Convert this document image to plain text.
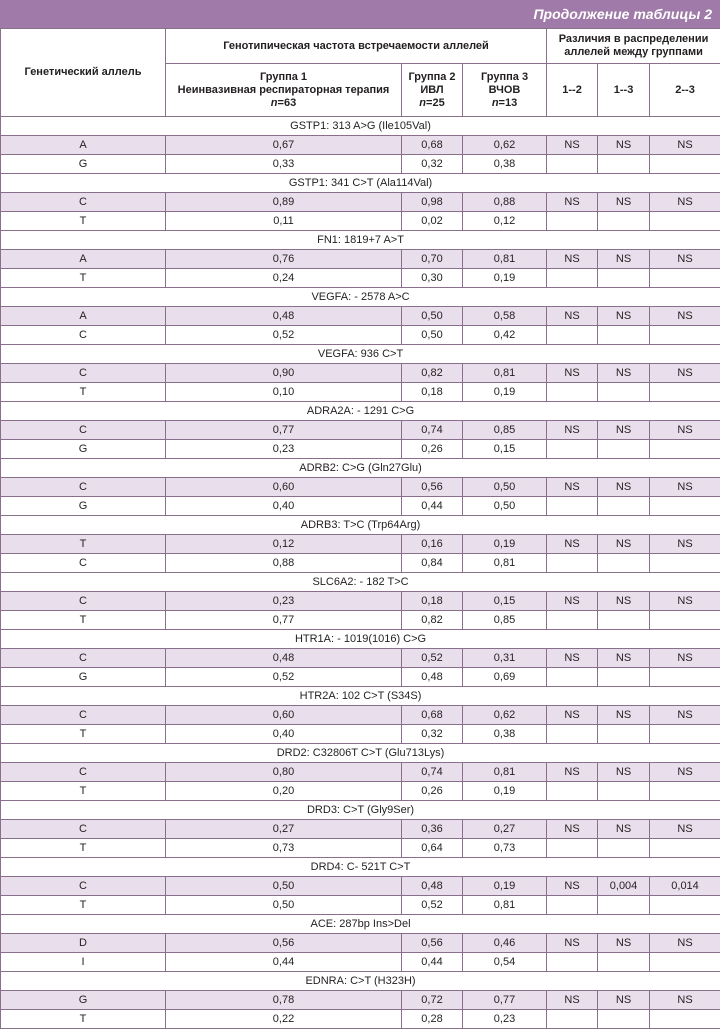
Продолжение таблицы 2
Генетический аллель	Генотипическая частота встречаемости аллелей			Различия в распределении
аллелей между группами		
	Группа 1
Неинвазивная респираторная терапия
n=63	Группа 2
ИВЛ
n=25	Группа 3
ВЧОВ
n=13	1--2	1--3	2--3
GSTP1: 313 A>G (Ile105Val)						
A	0,67	0,68	0,62	NS	NS	NS
G	0,33	0,32	0,38			
GSTP1: 341 C>T (Ala114Val)						
C	0,89	0,98	0,88	NS	NS	NS
T	0,11	0,02	0,12			
FN1: 1819+7 A>T						
A	0,76	0,70	0,81	NS	NS	NS
T	0,24	0,30	0,19			
VEGFA: - 2578 A>C						
A	0,48	0,50	0,58	NS	NS	NS
C	0,52	0,50	0,42			
VEGFA: 936 C>T						
C	0,90	0,82	0,81	NS	NS	NS
T	0,10	0,18	0,19			
ADRA2A: - 1291 C>G						
C	0,77	0,74	0,85	NS	NS	NS
G	0,23	0,26	0,15			
ADRB2: C>G (Gln27Glu)						
C	0,60	0,56	0,50	NS	NS	NS
G	0,40	0,44	0,50			
ADRB3: T>C (Trp64Arg)						
T	0,12	0,16	0,19	NS	NS	NS
C	0,88	0,84	0,81			
SLC6A2: - 182 T>C						
C	0,23	0,18	0,15	NS	NS	NS
T	0,77	0,82	0,85			
HTR1A: - 1019(1016) C>G						
C	0,48	0,52	0,31	NS	NS	NS
G	0,52	0,48	0,69			
HTR2A: 102 C>T (S34S)						
C	0,60	0,68	0,62	NS	NS	NS
T	0,40	0,32	0,38			
DRD2: C32806T C>T (Glu713Lys)						
C	0,80	0,74	0,81	NS	NS	NS
T	0,20	0,26	0,19			
DRD3: C>T (Gly9Ser)						
C	0,27	0,36	0,27	NS	NS	NS
T	0,73	0,64	0,73			
DRD4: C- 521T C>T						
C	0,50	0,48	0,19	NS	0,004	0,014
T	0,50	0,52	0,81			
ACE: 287bp Ins>Del						
D	0,56	0,56	0,46	NS	NS	NS
I	0,44	0,44	0,54			
EDNRA: C>T (H323H)						
G	0,78	0,72	0,77	NS	NS	NS
T	0,22	0,28	0,23			
